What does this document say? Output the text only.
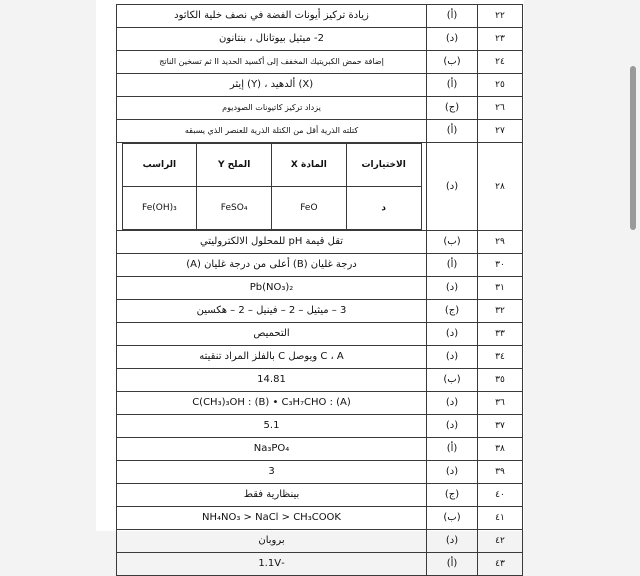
٢٢	(أ)	زيادة تركيز أيونات الفضة في نصف خلية الكاثود
٢٣	(د)	2- ميثيل بيوتانال ، بنتانون
٢٤	(ب)	إضافة حمض الكبريتيك المخفف إلى أكسيد الحديد II ثم تسخين الناتج
٢٥	(أ)	(X) ألدهيد ، (Y) إيثر
٢٦	(ج)	يزداد تركيز كاتيونات الصوديوم
٢٧	(أ)	كتلته الذرية أقل من الكتلة الذرية للعنصر الذي يسبقه
٢٨	(د)	
الاختيارات	المادة X	الملح Y	الراسب
د	FeO	FeSO₄	Fe(OH)₃

٢٩	(ب)	تقل قيمة pH للمحلول الالكتروليتي
٣٠	(أ)	درجة غليان (B) أعلى من درجة غليان (A)
٣١	(د)	Pb(NO₃)₂
٣٢	(ج)	3 – ميثيل – 2 – فينيل – 2 – هكسين
٣٣	(د)	التحميص
٣٤	(د)	C ، A ويوصل C بالفلز المراد تنقيته
٣٥	(ب)	14.81
٣٦	(د)	C(CH₃)₃OH : (B) • C₃H₇CHO : (A)
٣٧	(د)	5.1
٣٨	(أ)	Na₃PO₄
٣٩	(د)	3
٤٠	(ج)	بينظارية فقط
٤١	(ب)	NH₄NO₃ > NaCl > CH₃COOK
٤٢	(د)	بروبان
٤٣	(أ)	-1.1V
